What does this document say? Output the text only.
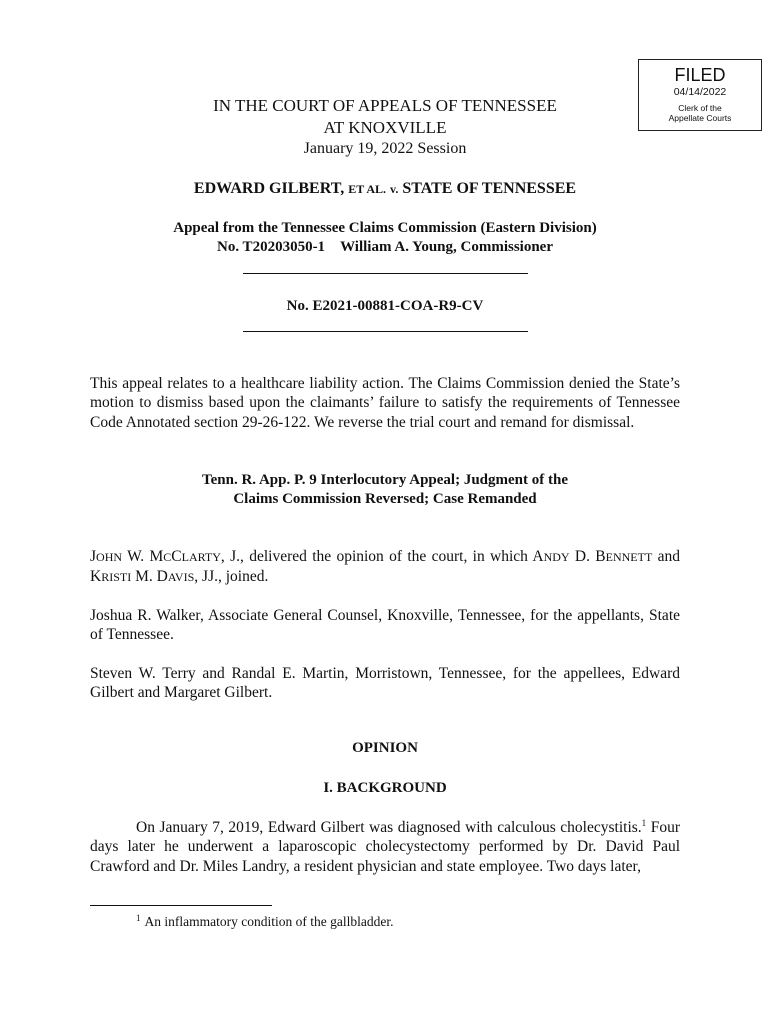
FILED
04/14/2022
Clerk of the
Appellate Courts
IN THE COURT OF APPEALS OF TENNESSEE
AT KNOXVILLE
January 19, 2022 Session
EDWARD GILBERT, ET AL. v. STATE OF TENNESSEE
Appeal from the Tennessee Claims Commission (Eastern Division)
No. T20203050-1 William A. Young, Commissioner
No. E2021-00881-COA-R9-CV

This appeal relates to a healthcare liability action. The Claims Commission denied the State’s motion to dismiss based upon the claimants’ failure to satisfy the requirements of Tennessee Code Annotated section 29-26-122. We reverse the trial court and remand for dismissal.

Tenn. R. App. P. 9 Interlocutory Appeal; Judgment of the
Claims Commission Reversed; Case Remanded

JOHN W. MCCLARTY, J., delivered the opinion of the court, in which ANDY D. BENNETT and KRISTI M. DAVIS, JJ., joined.

Joshua R. Walker, Associate General Counsel, Knoxville, Tennessee, for the appellants, State of Tennessee.

Steven W. Terry and Randal E. Martin, Morristown, Tennessee, for the appellees, Edward Gilbert and Margaret Gilbert.

OPINION
I. BACKGROUND

On January 7, 2019, Edward Gilbert was diagnosed with calculous cholecystitis.$^1$ Four days later he underwent a laparoscopic cholecystectomy performed by Dr. David Paul Crawford and Dr. Miles Landry, a resident physician and state employee. Two days later,

$^1$ An inflammatory condition of the gallbladder.
